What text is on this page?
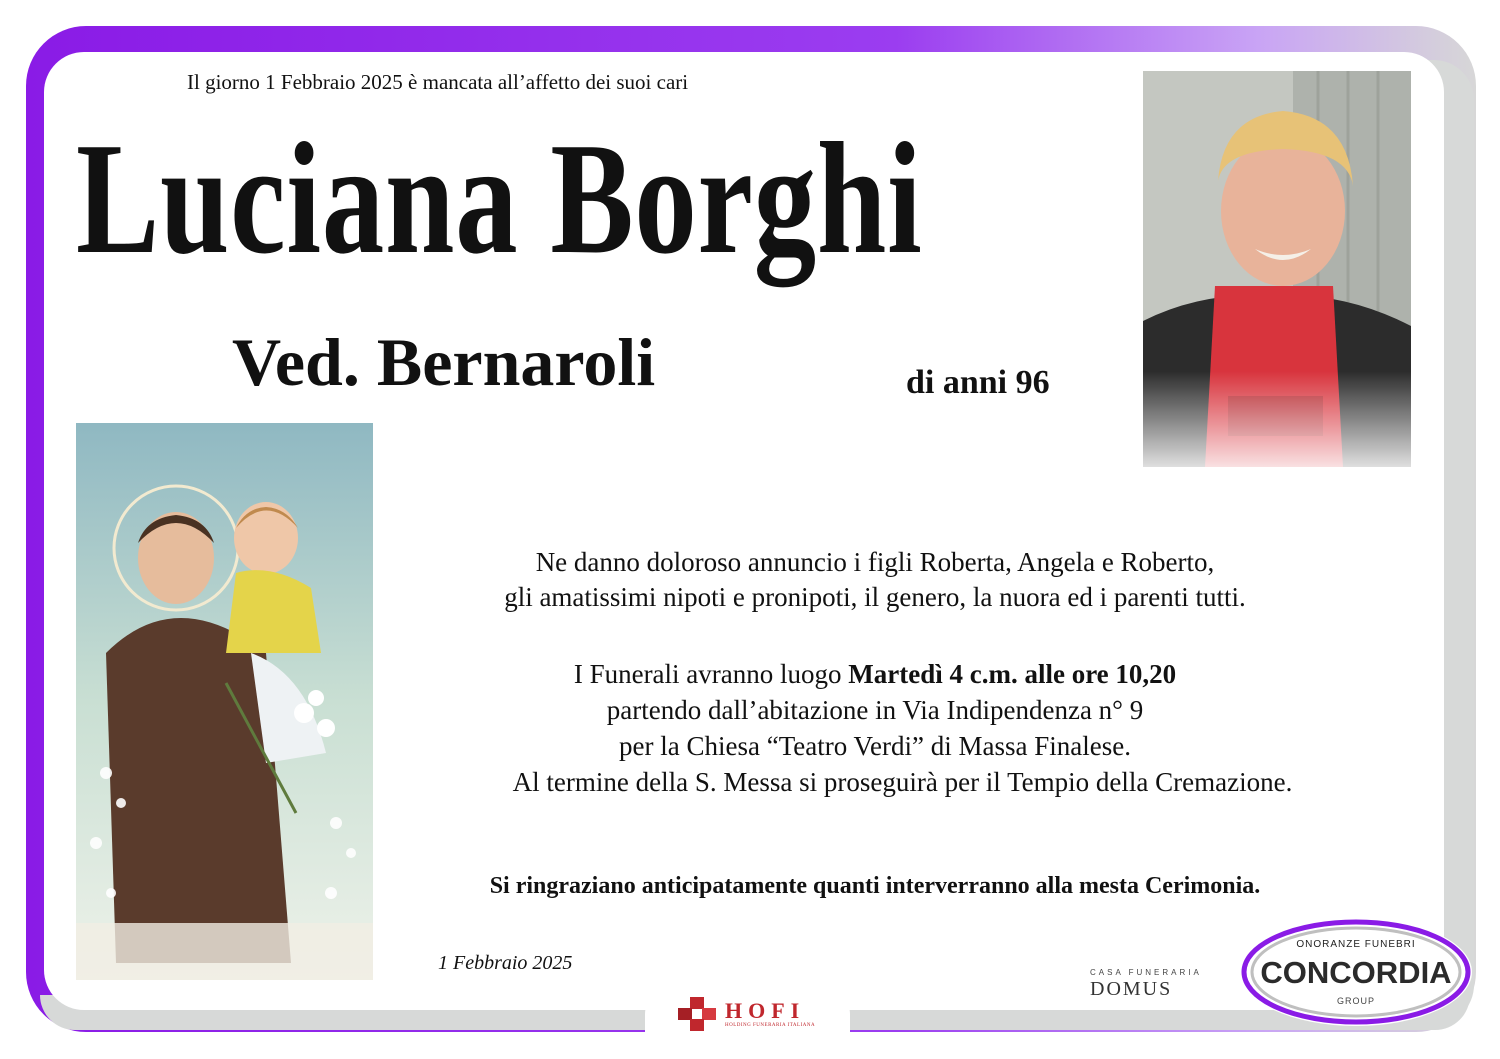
Il giorno 1 Febbraio 2025 è mancata all’affetto dei suoi cari
Luciana Borghi
Ved. Bernaroli	di anni 96
Ne danno doloroso annuncio i figli Roberta, Angela e Roberto,
gli amatissimi nipoti e pronipoti, il genero, la nuora ed i parenti tutti.
I Funerali avranno luogo Martedì 4 c.m. alle ore 10,20
partendo dall’abitazione in Via Indipendenza n° 9
per la Chiesa “Teatro Verdi” di Massa Finalese.
Al termine della S. Messa si proseguirà per il Tempio della Cremazione.
Si ringraziano anticipatamente quanti interverranno alla mesta Cerimonia.
1 Febbraio 2025
HOFI
HOLDING FUNERARIA ITALIANA
CASA FUNERARIA
DOMUS
ONORANZE FUNEBRI
CONCORDIA
GROUP
